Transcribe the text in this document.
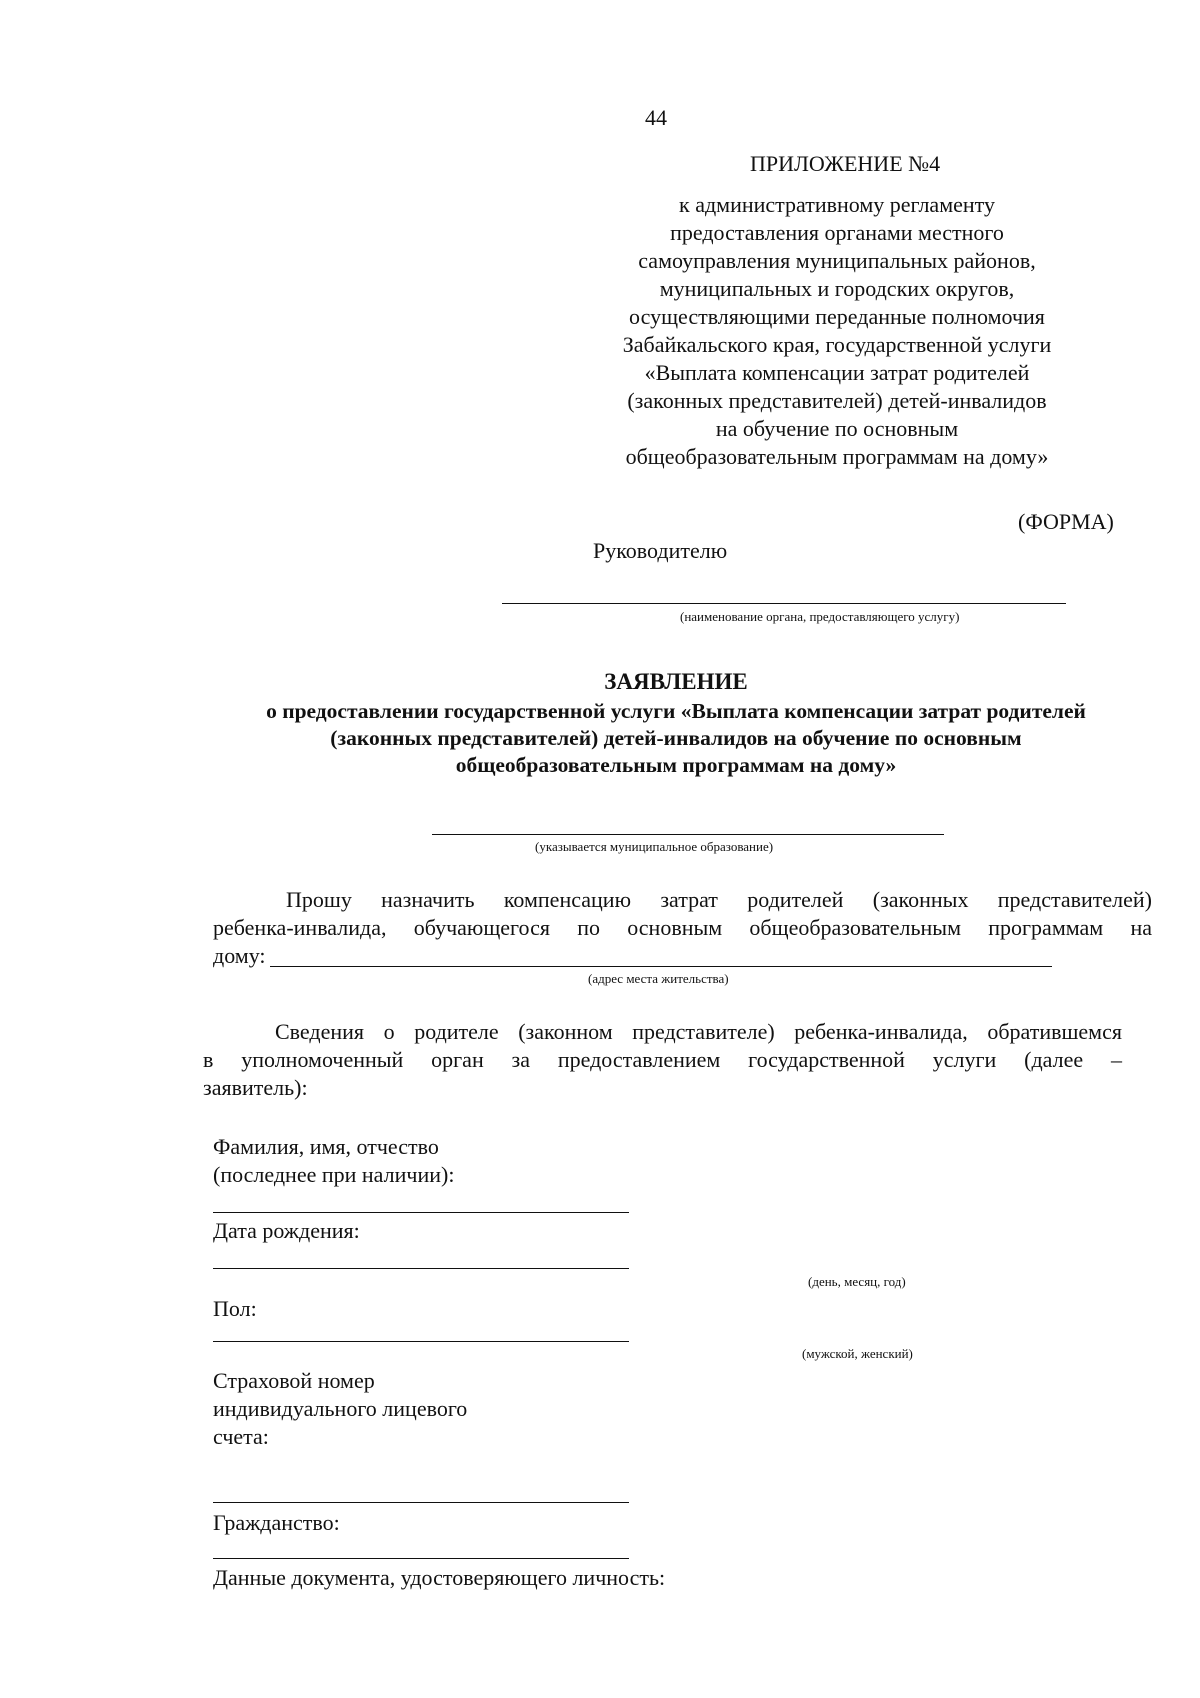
44
ПРИЛОЖЕНИЕ №4
к административному регламенту
предоставления органами местного
самоуправления муниципальных районов,
муниципальных и городских округов,
осуществляющими переданные полномочия
Забайкальского края, государственной услуги
«Выплата компенсации затрат родителей
(законных представителей) детей-инвалидов
на обучение по основным
общеобразовательным программам на дому»
(ФОРМА)
Руководителю
(наименование органа, предоставляющего услугу)
ЗАЯВЛЕНИЕ
о предоставлении государственной услуги «Выплата компенсации затрат родителей
(законных представителей) детей-инвалидов на обучение по основным
общеобразовательным программам на дому»
(указывается муниципальное образование)
Прошу назначить компенсацию затрат родителей (законных представителей)
ребенка-инвалида, обучающегося по основным общеобразовательным программам на
дому:
(адрес места жительства)
Сведения о родителе (законном представителе) ребенка-инвалида, обратившемся
в уполномоченный орган за предоставлением государственной услуги (далее –
заявитель):
Фамилия, имя, отчество
(последнее при наличии):
Дата рождения:
(день, месяц, год)
Пол:
(мужской, женский)
Страховой номер
индивидуального лицевого
счета:
Гражданство:
Данные документа, удостоверяющего личность:
